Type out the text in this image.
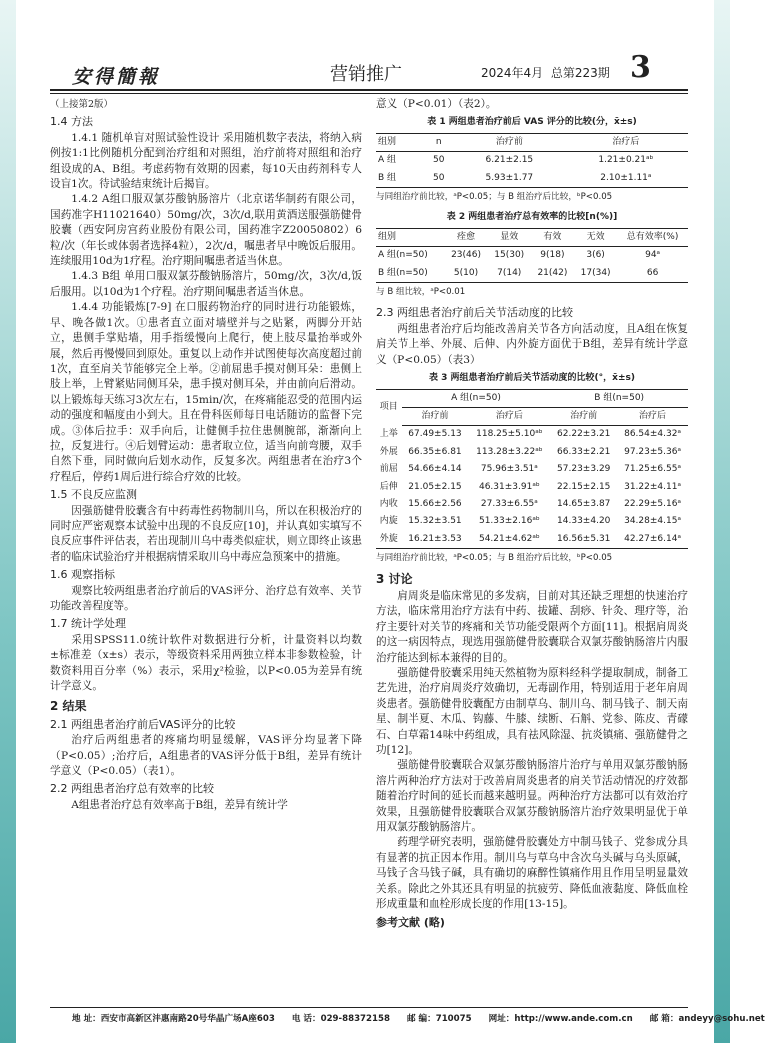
安得簡報	营销推广	2024年4月 总第223期 3

（上接第2版）

1.4 方法

1.4.1 随机单盲对照试验性设计 采用随机数字表法，将纳入病例按1:1比例随机分配到治疗组和对照组，治疗前将对照组和治疗组设成的A、B组。考虑药物有效期的因素，每10天由药剂科专人设盲1次。待试验结束统计后揭盲。

1.4.2 A组口服双氯芬酸钠肠溶片（北京诺华制药有限公司，国药准字H11021640）50mg/次，3次/d,联用黄酒送服强筋健骨胶囊（西安阿房宫药业股份有限公司，国药准字Z20050802）6粒/次（年长或体弱者选择4粒），2次/d，嘱患者早中晚饭后服用。连续服用10d为1疗程。治疗期间嘱患者适当休息。

1.4.3 B组 单用口服双氯芬酸钠肠溶片，50mg/次，3次/d,饭后服用。以10d为1个疗程。治疗期间嘱患者适当休息。

1.4.4 功能锻炼[7-9] 在口服药物治疗的同时进行功能锻炼，早、晚各做1次。①患者直立面对墙壁并与之贴紧，两脚分开站立，患侧手掌贴墙，用手指缓慢向上爬行，使上肢尽量抬举或外展，然后再慢慢回到原处。重复以上动作并试图使每次高度超过前1次，直至肩关节能够完全上举。②前屈患手摸对侧耳朵：患侧上肢上举，上臂紧贴同侧耳朵，患手摸对侧耳朵，并由前向后滑动。以上锻炼每天练习3次左右，15min/次，在疼痛能忍受的范围内运动的强度和幅度由小到大。且在骨科医师每日电话随访的监督下完成。③体后拉手：双手向后，让健侧手拉住患侧腕部，渐渐向上拉，反复进行。④后划臂运动：患者取立位，适当向前弯腰，双手自然下垂，同时做向后划水动作，反复多次。两组患者在治疗3个疗程后，停药1周后进行综合疗效的比较。

1.5 不良反应监测

因强筋健骨胶囊含有中药毒性药物制川乌，所以在积极治疗的同时应严密观察本试验中出现的不良反应[10]，并认真如实填写不良反应事件评估表，若出现制川乌中毒类似症状，则立即终止该患者的临床试验治疗并根据病情采取川乌中毒应急预案中的措施。

1.6 观察指标

观察比较两组患者治疗前后的VAS评分、治疗总有效率、关节功能改善程度等。

1.7 统计学处理

采用SPSS11.0统计软件对数据进行分析，计量资料以均数±标准差（x±s）表示，等级资料采用两独立样本非参数检验，计数资料用百分率（%）表示，采用χ²检验，以P<0.05为差异有统计学意义。

2 结果
2.1 两组患者治疗前后VAS评分的比较

治疗后两组患者的疼痛均明显缓解，VAS评分均显著下降（P<0.05）;治疗后，A组患者的VAS评分低于B组，差异有统计学意义（P<0.05）（表1）。

2.2 两组患者治疗总有效率的比较

A组患者治疗总有效率高于B组，差异有统计学

意义（P<0.01）（表2）。

表 1 两组患者治疗前后 VAS 评分的比较(分，x̄±s)
组别	n	治疗前	治疗后
A 组	50	6.21±2.15	1.21±0.21ᵃᵇ
B 组	50	5.93±1.77	2.10±1.11ᵃ
与同组治疗前比较，ᵃP<0.05；与 B 组治疗后比较，ᵇP<0.05
表 2 两组患者治疗总有效率的比较[n(%)]
组别	痊愈	显效	有效	无效	总有效率(%)
A 组(n=50)	23(46)	15(30)	9(18)	3(6)	94ᵃ
B 组(n=50)	5(10)	7(14)	21(42)	17(34)	66
与 B 组比较，ᵃP<0.01
2.3 两组患者治疗前后关节活动度的比较

两组患者治疗后均能改善肩关节各方向活动度，且A组在恢复肩关节上举、外展、后伸、内外旋方面优于B组，差异有统计学意义（P<0.05）（表3）

表 3 两组患者治疗前后关节活动度的比较(°，x̄±s)
项目	A 组(n=50)		B 组(n=50)	
	治疗前	治疗后	治疗前	治疗后
上举	67.49±5.13	118.25±5.10ᵃᵇ	62.22±3.21	86.54±4.32ᵃ
外展	66.35±6.81	113.28±3.22ᵃᵇ	66.33±2.21	97.23±5.36ᵃ
前屈	54.66±4.14	75.96±3.51ᵃ	57.23±3.29	71.25±6.55ᵃ
后伸	21.05±2.15	46.31±3.91ᵃᵇ	22.15±2.15	31.22±4.11ᵃ
内收	15.66±2.56	27.33±6.55ᵃ	14.65±3.87	22.29±5.16ᵃ
内旋	15.32±3.51	51.33±2.16ᵃᵇ	14.33±4.20	34.28±4.15ᵃ
外旋	16.21±3.53	54.21±4.62ᵃᵇ	16.56±5.31	42.27±6.14ᵃ
与同组治疗前比较，ᵃP<0.05；与 B 组治疗后比较，ᵇP<0.05
3 讨论

肩周炎是临床常见的多发病，目前对其还缺乏理想的快速治疗方法，临床常用治疗方法有中药、拔罐、刮痧、针灸、理疗等，治疗主要针对关节的疼痛和关节功能受限两个方面[11]。根据肩周炎的这一病因特点，现选用强筋健骨胶囊联合双氯芬酸钠肠溶片内服治疗能达到标本兼得的目的。

强筋健骨胶囊采用纯天然植物为原料经科学提取制成，制备工艺先进，治疗肩周炎疗效确切，无毒副作用，特别适用于老年肩周炎患者。强筋健骨胶囊配方由制草乌、制川乌、制马钱子、制天南星、制半夏、木瓜、钩藤、牛膝、续断、石斛、党参、陈皮、青礞石、白草霜14味中药组成，具有祛风除湿、抗炎镇痛、强筋健骨之功[12]。

强筋健骨胶囊联合双氯芬酸钠肠溶片治疗与单用双氯芬酸钠肠溶片两种治疗方法对于改善肩周炎患者的肩关节活动情况的疗效都随着治疗时间的延长而越来越明显。两种治疗方法都可以有效治疗效果，且强筋健骨胶囊联合双氯芬酸钠肠溶片治疗效果明显优于单用双氯芬酸钠肠溶片。

药理学研究表明，强筋健骨胶囊处方中制马钱子、党参成分具有显著的抗正因本作用。制川乌与草乌中含次乌头碱与乌头原碱，马钱子含马钱子碱，具有确切的麻醉性镇痛作用且作用呈明显量效关系。除此之外其还具有明显的抗疲劳、降低血液黏度、降低血栓形成重量和血栓形成长度的作用[13-15]。

参考文献 (略)
地 址：西安市高新区沣惠南路20号华晶广场A座603 电 话：029-88372158 邮 编：710075 网址：http://www.ande.com.cn 邮 箱：andeyy@sohu.net
